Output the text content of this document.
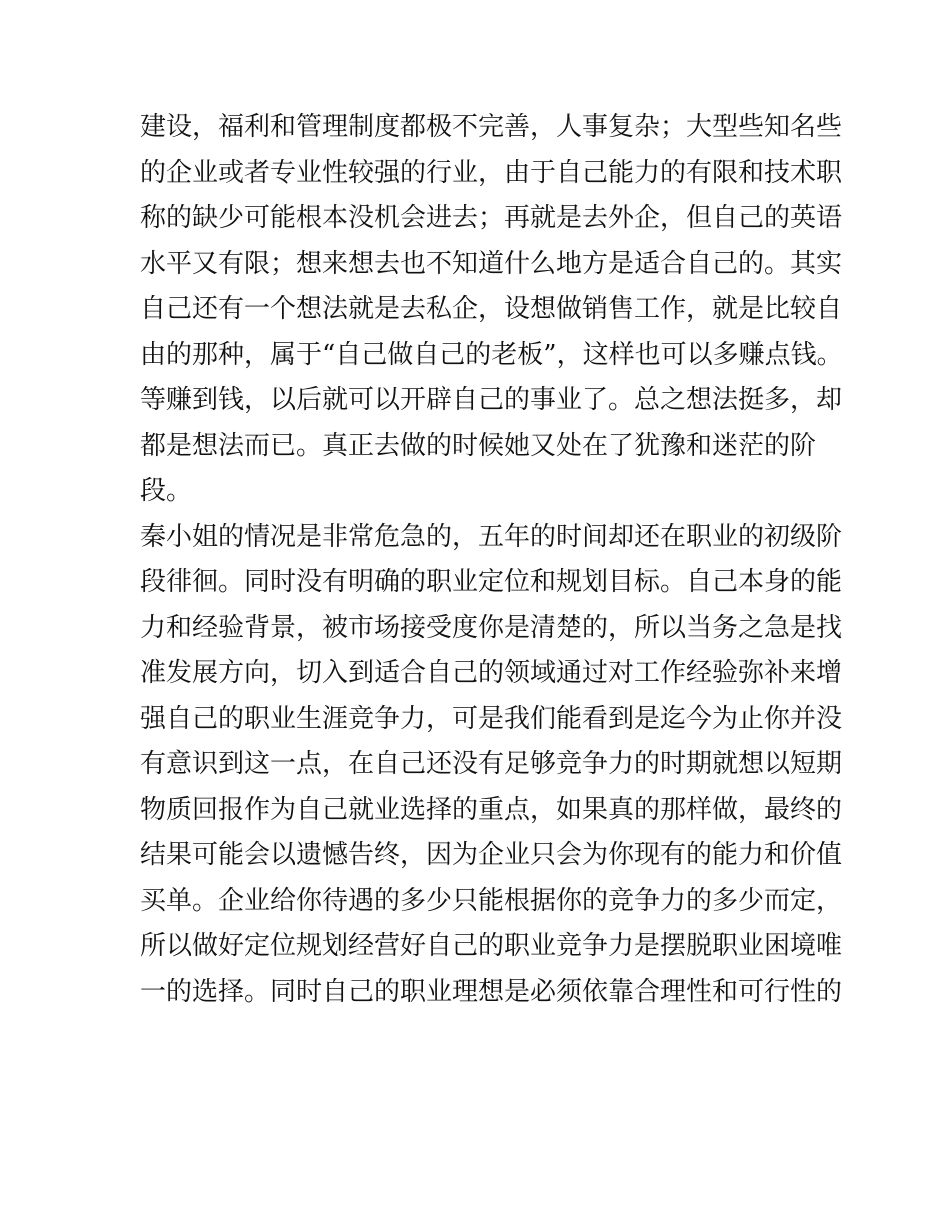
建设，福利和管理制度都极不完善，人事复杂；大型些知名些
的企业或者专业性较强的行业，由于自己能力的有限和技术职
称的缺少可能根本没机会进去；再就是去外企，但自己的英语
水平又有限；想来想去也不知道什么地方是适合自己的。其实
自己还有一个想法就是去私企，设想做销售工作，就是比较自
由的那种，属于“自己做自己的老板”，这样也可以多赚点钱。
等赚到钱，以后就可以开辟自己的事业了。总之想法挺多，却
都是想法而已。真正去做的时候她又处在了犹豫和迷茫的阶
段。
秦小姐的情况是非常危急的，五年的时间却还在职业的初级阶
段徘徊。同时没有明确的职业定位和规划目标。自己本身的能
力和经验背景，被市场接受度你是清楚的，所以当务之急是找
准发展方向，切入到适合自己的领域通过对工作经验弥补来增
强自己的职业生涯竞争力，可是我们能看到是迄今为止你并没
有意识到这一点，在自己还没有足够竞争力的时期就想以短期
物质回报作为自己就业选择的重点，如果真的那样做，最终的
结果可能会以遗憾告终，因为企业只会为你现有的能力和价值
买单。企业给你待遇的多少只能根据你的竞争力的多少而定，
所以做好定位规划经营好自己的职业竞争力是摆脱职业困境唯
一的选择。同时自己的职业理想是必须依靠合理性和可行性的
